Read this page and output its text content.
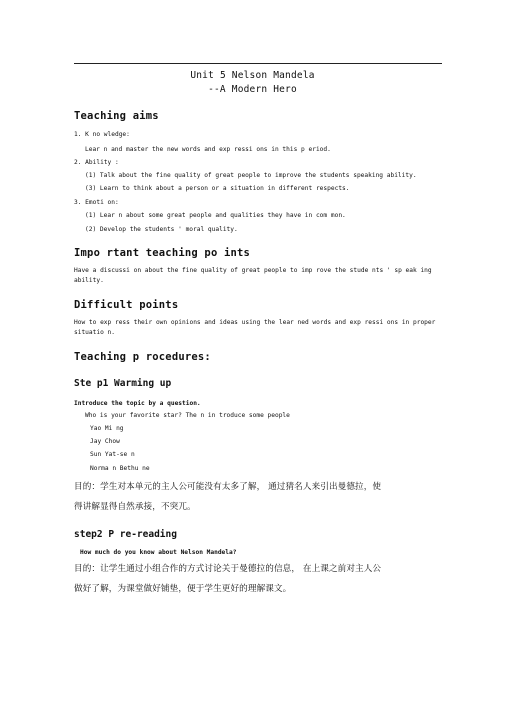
Unit 5 Nelson Mandela
--A Modern Hero
Teaching aims
1. K no wledge:
Lear n and master the new words and exp ressi ons in this p eriod.
2. Ability :
(1) Talk about the fine quality of great people to improve the students speaking ability.
(3) Learn to think about a person or a situation in different respects.
3. Emoti on:
(1) Lear n about some great people and qualities they have in com mon.
(2) Develop the students ' moral quality.
Impo rtant teaching po ints
Have a discussi on about the fine quality of great people to imp rove the stude nts ' sp eak ing ability.
Difficult points
How to exp ress their own opinions and ideas using the lear ned words and exp ressi ons in proper situatio n.
Teaching p rocedures:
Ste p1 Warming up
Introduce the topic by a question.
Who is your favorite star? The n in troduce some people
Yao Mi ng
Jay Chow
Sun Yat-se n
Norma n Bethu ne
目的：学生对本单元的主人公可能没有太多了解， 通过猜名人来引出曼德拉，使
得讲解显得自然承接，不突兀。
step2 P re-reading
How much do you know about Nelson Mandela?
目的：让学生通过小组合作的方式讨论关于曼德拉的信息， 在上课之前对主人公
做好了解，为课堂做好铺垫，便于学生更好的理解课文。
